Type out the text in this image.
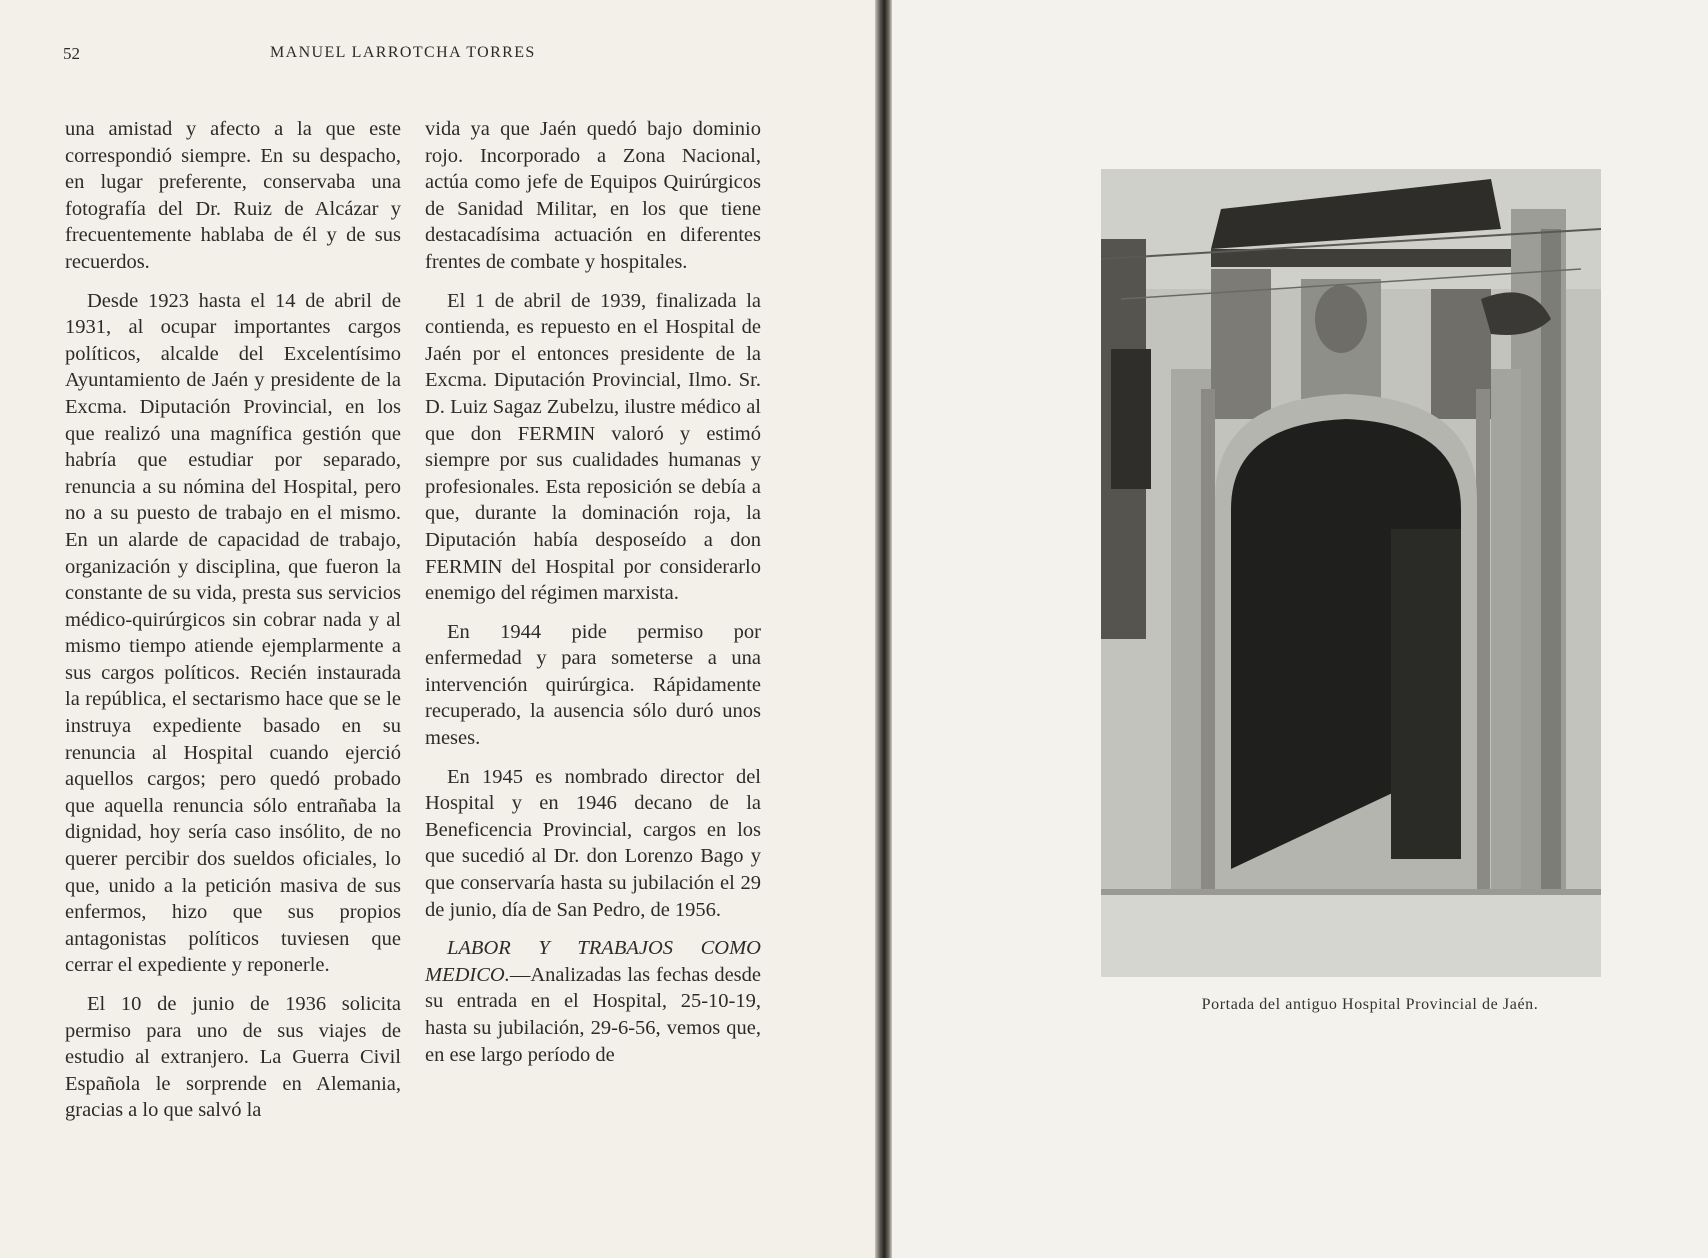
52	MANUEL LARROTCHA TORRES

una amistad y afecto a la que este correspondió siempre. En su despacho, en lugar preferente, conservaba una fotografía del Dr. Ruiz de Alcázar y frecuentemente hablaba de él y de sus recuerdos.

Desde 1923 hasta el 14 de abril de 1931, al ocupar importantes cargos políticos, alcalde del Excelentísimo Ayuntamiento de Jaén y presidente de la Excma. Diputación Provincial, en los que realizó una magnífica gestión que habría que estudiar por separado, renuncia a su nómina del Hospital, pero no a su puesto de trabajo en el mismo. En un alarde de capacidad de trabajo, organización y disciplina, que fueron la constante de su vida, presta sus servicios médico-quirúrgicos sin cobrar nada y al mismo tiempo atiende ejemplarmente a sus cargos políticos. Recién instaurada la república, el sectarismo hace que se le instruya expediente basado en su renuncia al Hospital cuando ejerció aquellos cargos; pero quedó probado que aquella renuncia sólo entrañaba la dignidad, hoy sería caso insólito, de no querer percibir dos sueldos oficiales, lo que, unido a la petición masiva de sus enfermos, hizo que sus propios antagonistas políticos tuviesen que cerrar el expediente y reponerle.

El 10 de junio de 1936 solicita permiso para uno de sus viajes de estudio al extranjero. La Guerra Civil Española le sorprende en Alemania, gracias a lo que salvó la

vida ya que Jaén quedó bajo dominio rojo. Incorporado a Zona Nacional, actúa como jefe de Equipos Quirúrgicos de Sanidad Militar, en los que tiene destacadísima actuación en diferentes frentes de combate y hospitales.

El 1 de abril de 1939, finalizada la contienda, es repuesto en el Hospital de Jaén por el entonces presidente de la Excma. Diputación Provincial, Ilmo. Sr. D. Luiz Sagaz Zubelzu, ilustre médico al que don FERMIN valoró y estimó siempre por sus cualidades humanas y profesionales. Esta reposición se debía a que, durante la dominación roja, la Diputación había desposeído a don FERMIN del Hospital por considerarlo enemigo del régimen marxista.

En 1944 pide permiso por enfermedad y para someterse a una intervención quirúrgica. Rápidamente recuperado, la ausencia sólo duró unos meses.

En 1945 es nombrado director del Hospital y en 1946 decano de la Beneficencia Provincial, cargos en los que sucedió al Dr. don Lorenzo Bago y que conservaría hasta su jubilación el 29 de junio, día de San Pedro, de 1956.

LABOR Y TRABAJOS COMO MEDICO.—Analizadas las fechas desde su entrada en el Hospital, 25-10-19, hasta su jubilación, 29-6-56, vemos que, en ese largo período de

Portada del antiguo Hospital Provincial de Jaén.
